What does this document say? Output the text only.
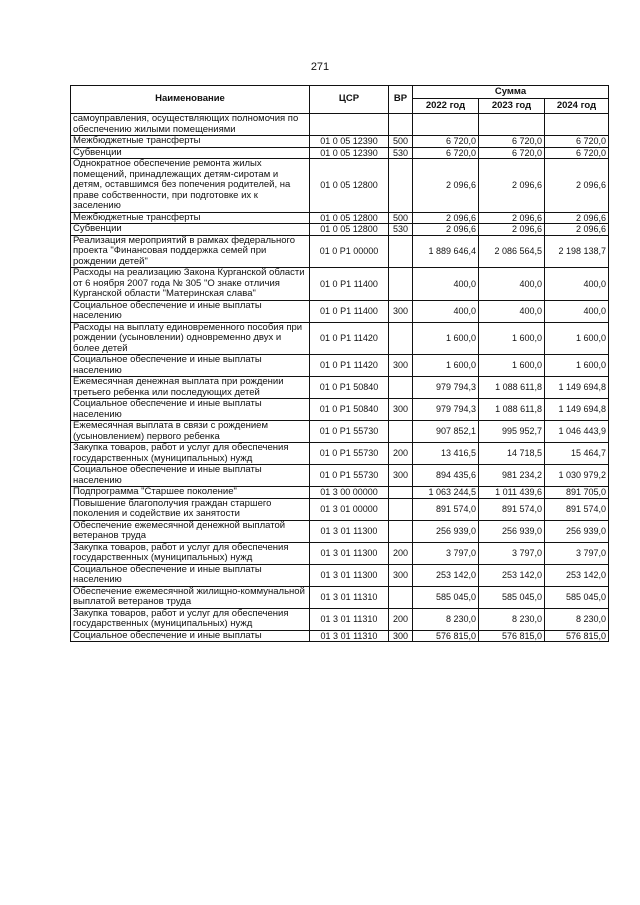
271
Наименование	ЦСР	ВР	Сумма		
			2022 год	2023 год	2024 год
самоуправления, осуществляющих полномочия по обеспечению жилыми помещениями					
Межбюджетные трансферты	01 0 05 12390	500	6 720,0	6 720,0	6 720,0
Субвенции	01 0 05 12390	530	6 720,0	6 720,0	6 720,0
Однократное обеспечение ремонта жилых помещений, принадлежащих детям-сиротам и детям, оставшимся без попечения родителей, на праве собственности, при подготовке их к заселению	01 0 05 12800		2 096,6	2 096,6	2 096,6
Межбюджетные трансферты	01 0 05 12800	500	2 096,6	2 096,6	2 096,6
Субвенции	01 0 05 12800	530	2 096,6	2 096,6	2 096,6
Реализация мероприятий в рамках федерального проекта "Финансовая поддержка семей при рождении детей"	01 0 P1 00000		1 889 646,4	2 086 564,5	2 198 138,7
Расходы на реализацию Закона Курганской области от 6 ноября 2007 года № 305 "О знаке отличия Курганской области "Материнская слава"	01 0 P1 11400		400,0	400,0	400,0
Социальное обеспечение и иные выплаты населению	01 0 P1 11400	300	400,0	400,0	400,0
Расходы на выплату единовременного пособия при рождении (усыновлении) одновременно двух и более детей	01 0 P1 11420		1 600,0	1 600,0	1 600,0
Социальное обеспечение и иные выплаты населению	01 0 P1 11420	300	1 600,0	1 600,0	1 600,0
Ежемесячная денежная выплата при рождении третьего ребенка или последующих детей	01 0 P1 50840		979 794,3	1 088 611,8	1 149 694,8
Социальное обеспечение и иные выплаты населению	01 0 P1 50840	300	979 794,3	1 088 611,8	1 149 694,8
Ежемесячная выплата в связи с рождением (усыновлением) первого ребенка	01 0 P1 55730		907 852,1	995 952,7	1 046 443,9
Закупка товаров, работ и услуг для обеспечения государственных (муниципальных) нужд	01 0 P1 55730	200	13 416,5	14 718,5	15 464,7
Социальное обеспечение и иные выплаты населению	01 0 P1 55730	300	894 435,6	981 234,2	1 030 979,2
Подпрограмма "Старшее поколение"	01 3 00 00000		1 063 244,5	1 011 439,6	891 705,0
Повышение благополучия граждан старшего поколения и содействие их занятости	01 3 01 00000		891 574,0	891 574,0	891 574,0
Обеспечение ежемесячной денежной выплатой ветеранов труда	01 3 01 11300		256 939,0	256 939,0	256 939,0
Закупка товаров, работ и услуг для обеспечения государственных (муниципальных) нужд	01 3 01 11300	200	3 797,0	3 797,0	3 797,0
Социальное обеспечение и иные выплаты населению	01 3 01 11300	300	253 142,0	253 142,0	253 142,0
Обеспечение ежемесячной жилищно-коммунальной выплатой ветеранов труда	01 3 01 11310		585 045,0	585 045,0	585 045,0
Закупка товаров, работ и услуг для обеспечения государственных (муниципальных) нужд	01 3 01 11310	200	8 230,0	8 230,0	8 230,0
Социальное обеспечение и иные выплаты	01 3 01 11310	300	576 815,0	576 815,0	576 815,0
